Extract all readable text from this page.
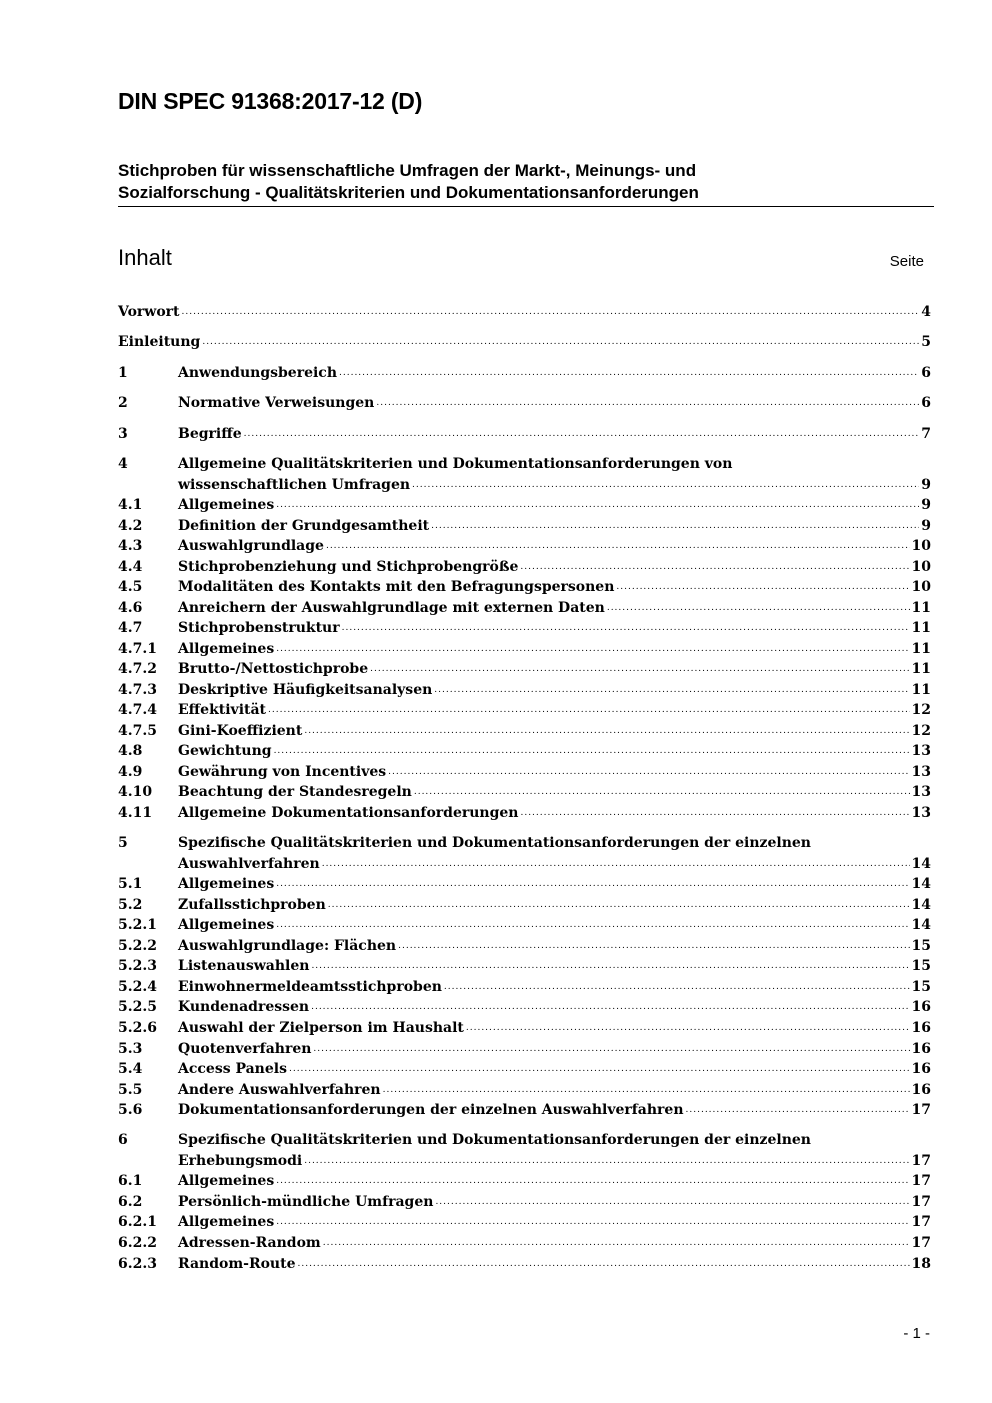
DIN SPEC 91368:2017-12 (D)
Stichproben für wissenschaftliche Umfragen der Markt-, Meinungs- und
Sozialforschung - Qualitätskriterien und Dokumentationsanforderungen
Inhalt	Seite
Vorwort .....	4
Einleitung .....	5
1	Anwendungsbereich .....	6
2	Normative Verweisungen .....	6
3	Begriffe .....	7
4	Allgemeine Qualitätskriterien und Dokumentationsanforderungen von
wissenschaftlichen Umfragen .....	9
4.1	Allgemeines .....	9
4.2	Definition der Grundgesamtheit .....	9
4.3	Auswahlgrundlage .....	10
4.4	Stichprobenziehung und Stichprobengröße .....	10
4.5	Modalitäten des Kontakts mit den Befragungspersonen .....	10
4.6	Anreichern der Auswahlgrundlage mit externen Daten .....	11
4.7	Stichprobenstruktur .....	11
4.7.1	Allgemeines .....	11
4.7.2	Brutto-/Nettostichprobe .....	11
4.7.3	Deskriptive Häufigkeitsanalysen .....	11
4.7.4	Effektivität .....	12
4.7.5	Gini-Koeffizient .....	12
4.8	Gewichtung .....	13
4.9	Gewährung von Incentives .....	13
4.10	Beachtung der Standesregeln .....	13
4.11	Allgemeine Dokumentationsanforderungen .....	13
5	Spezifische Qualitätskriterien und Dokumentationsanforderungen der einzelnen
Auswahlverfahren .....	14
5.1	Allgemeines .....	14
5.2	Zufallsstichproben .....	14
5.2.1	Allgemeines .....	14
5.2.2	Auswahlgrundlage: Flächen .....	15
5.2.3	Listenauswahlen .....	15
5.2.4	Einwohnermeldeamtsstichproben .....	15
5.2.5	Kundenadressen .....	16
5.2.6	Auswahl der Zielperson im Haushalt .....	16
5.3	Quotenverfahren .....	16
5.4	Access Panels .....	16
5.5	Andere Auswahlverfahren .....	16
5.6	Dokumentationsanforderungen der einzelnen Auswahlverfahren .....	17
6	Spezifische Qualitätskriterien und Dokumentationsanforderungen der einzelnen
Erhebungsmodi .....	17
6.1	Allgemeines .....	17
6.2	Persönlich-mündliche Umfragen .....	17
6.2.1	Allgemeines .....	17
6.2.2	Adressen-Random .....	17
6.2.3	Random-Route .....	18
- 1 -
